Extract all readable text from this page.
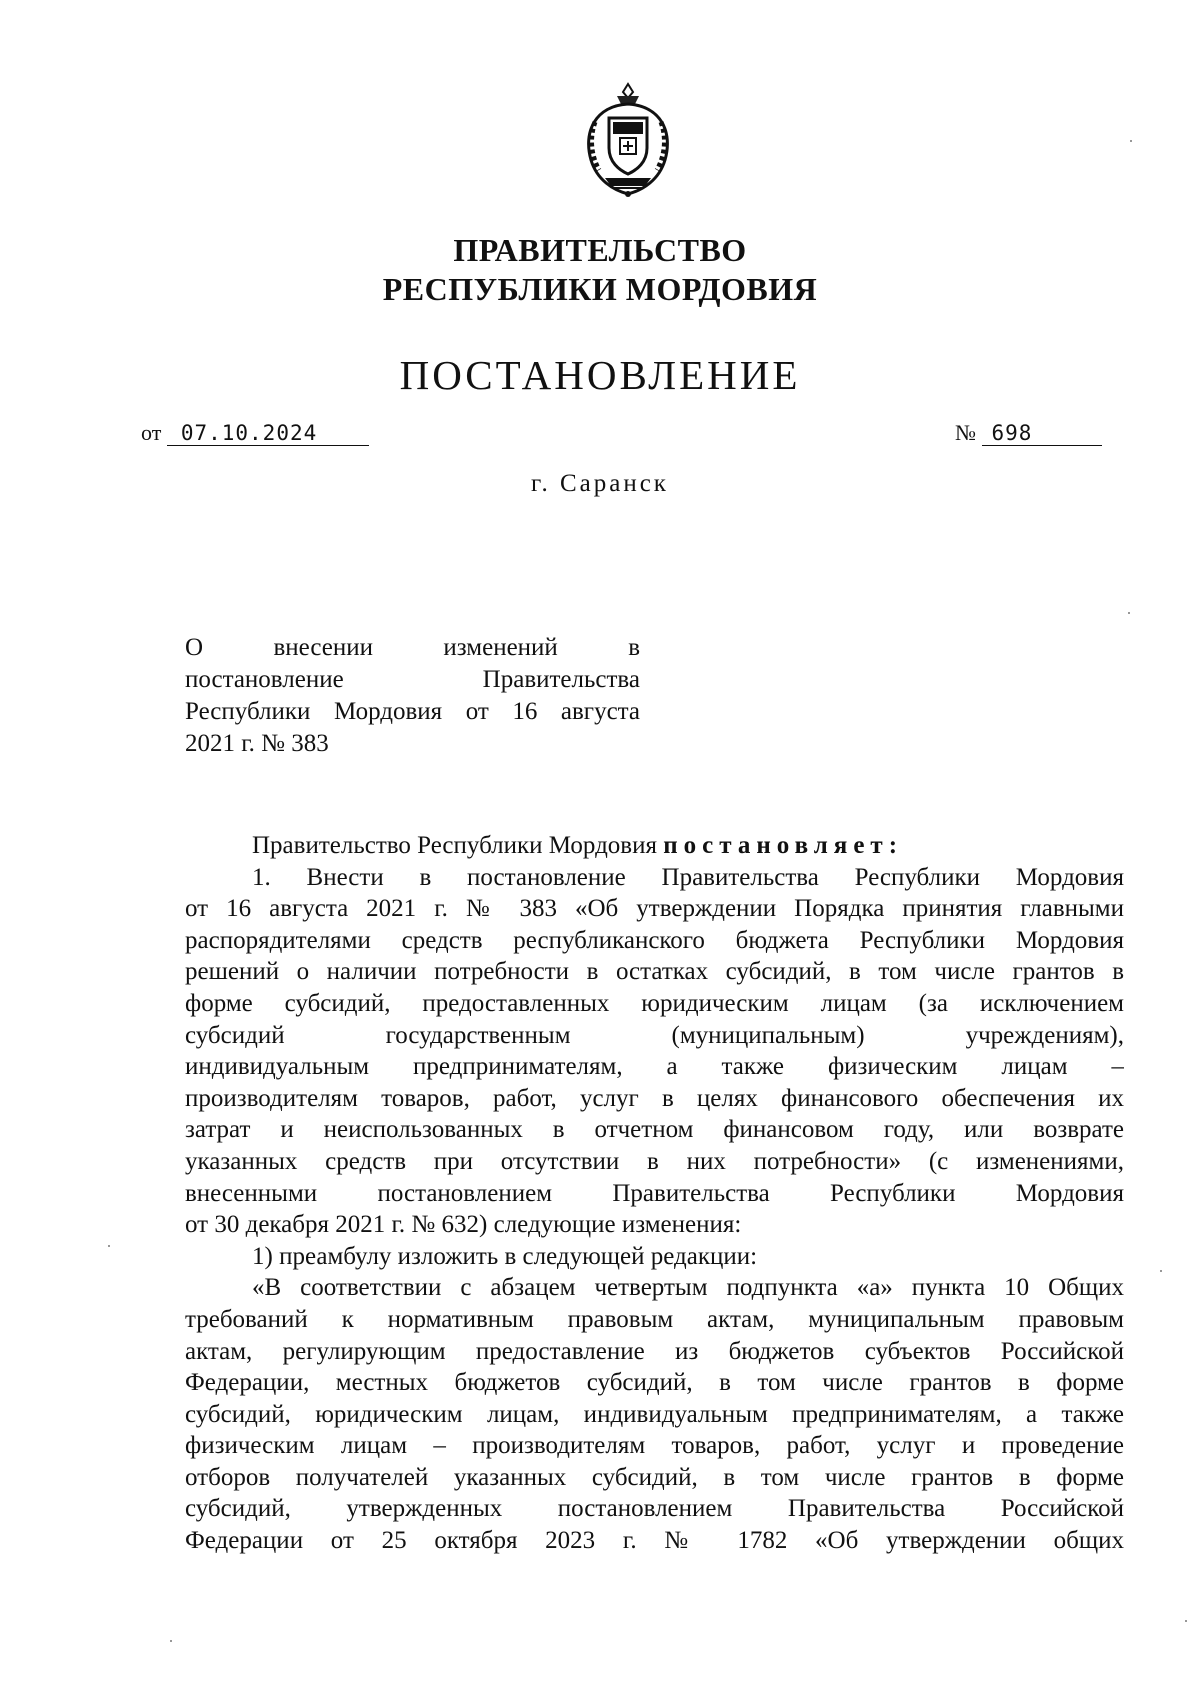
ПРАВИТЕЛЬСТВО
РЕСПУБЛИКИ МОРДОВИЯ
ПОСТАНОВЛЕНИЕ
от 07.10.2024	№ 698
г. Саранск
О внесении изменений в
постановление Правительства
Республики Мордовия от 16 августа
2021 г. № 383
Правительство Республики Мордовия постановляет:
1. Внести в постановление Правительства Республики Мордовия
от 16 августа 2021 г. № 383 «Об утверждении Порядка принятия главными
распорядителями средств республиканского бюджета Республики Мордовия
решений о наличии потребности в остатках субсидий, в том числе грантов в
форме субсидий, предоставленных юридическим лицам (за исключением
субсидий государственным (муниципальным) учреждениям),
индивидуальным предпринимателям, а также физическим лицам –
производителям товаров, работ, услуг в целях финансового обеспечения их
затрат и неиспользованных в отчетном финансовом году, или возврате
указанных средств при отсутствии в них потребности» (с изменениями,
внесенными постановлением Правительства Республики Мордовия
от 30 декабря 2021 г. № 632) следующие изменения:
1) преамбулу изложить в следующей редакции:
«В соответствии с абзацем четвертым подпункта «а» пункта 10 Общих
требований к нормативным правовым актам, муниципальным правовым
актам, регулирующим предоставление из бюджетов субъектов Российской
Федерации, местных бюджетов субсидий, в том числе грантов в форме
субсидий, юридическим лицам, индивидуальным предпринимателям, а также
физическим лицам – производителям товаров, работ, услуг и проведение
отборов получателей указанных субсидий, в том числе грантов в форме
субсидий, утвержденных постановлением Правительства Российской
Федерации от 25 октября 2023 г. № 1782 «Об утверждении общих
